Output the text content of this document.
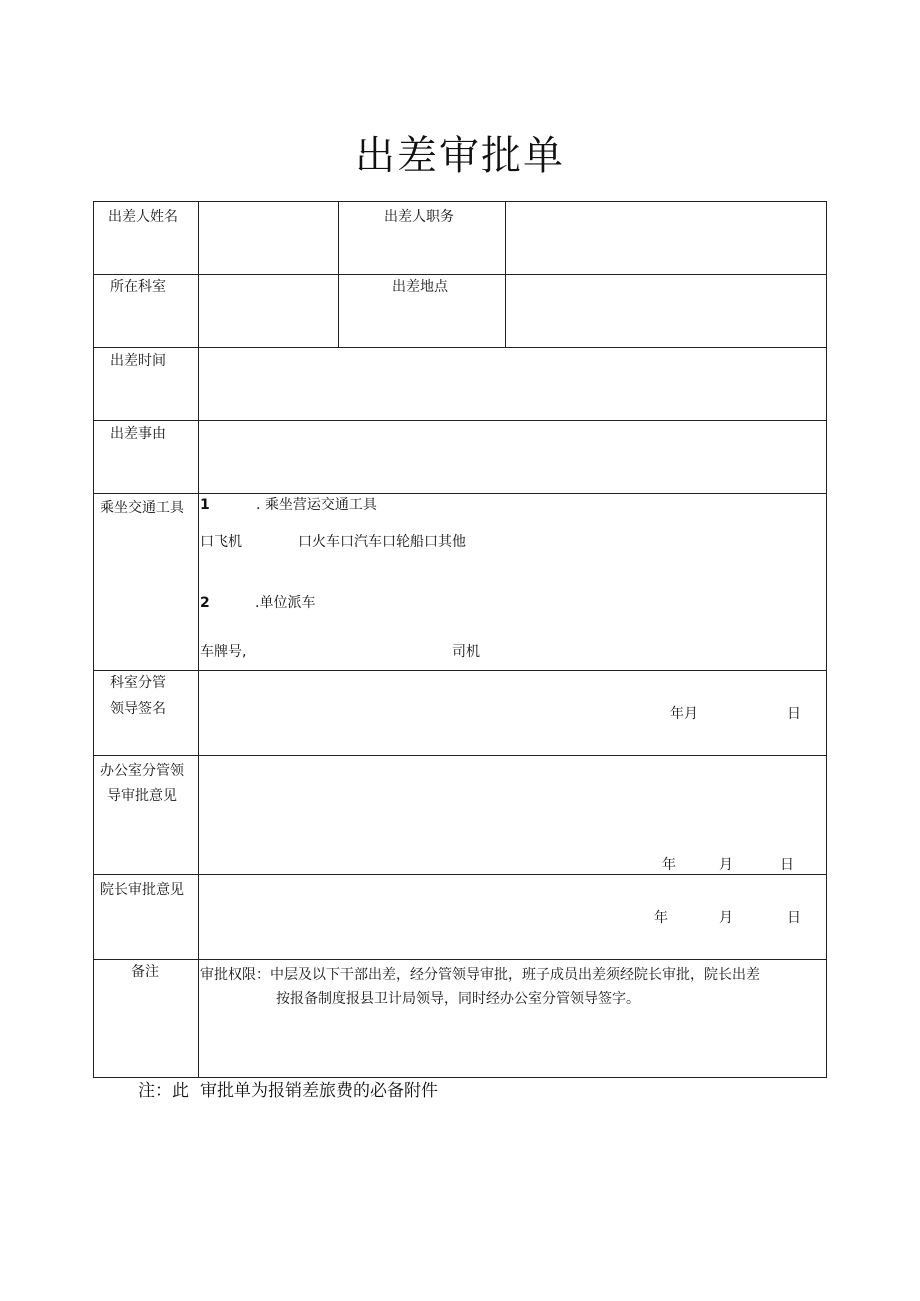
出差审批单
出差人姓名	出差人职务
所在科室	出差地点
出差时间
出差事由
乘坐交通工具 1	. 乘坐营运交通工具
口飞机	口火车口汽车口轮船口其他
2	.单位派车
车牌号,	司机
科室分管
领导签名	年月	日
办公室分管领
导审批意见
年	月	日
院长审批意见
年	月	日
备注	审批权限：中层及以下干部出差，经分管领导审批，班子成员出差须经院长审批，院长出差
按报备制度报县卫计局领导，同时经办公室分管领导签字。
注：此 审批单为报销差旅费的必备附件
